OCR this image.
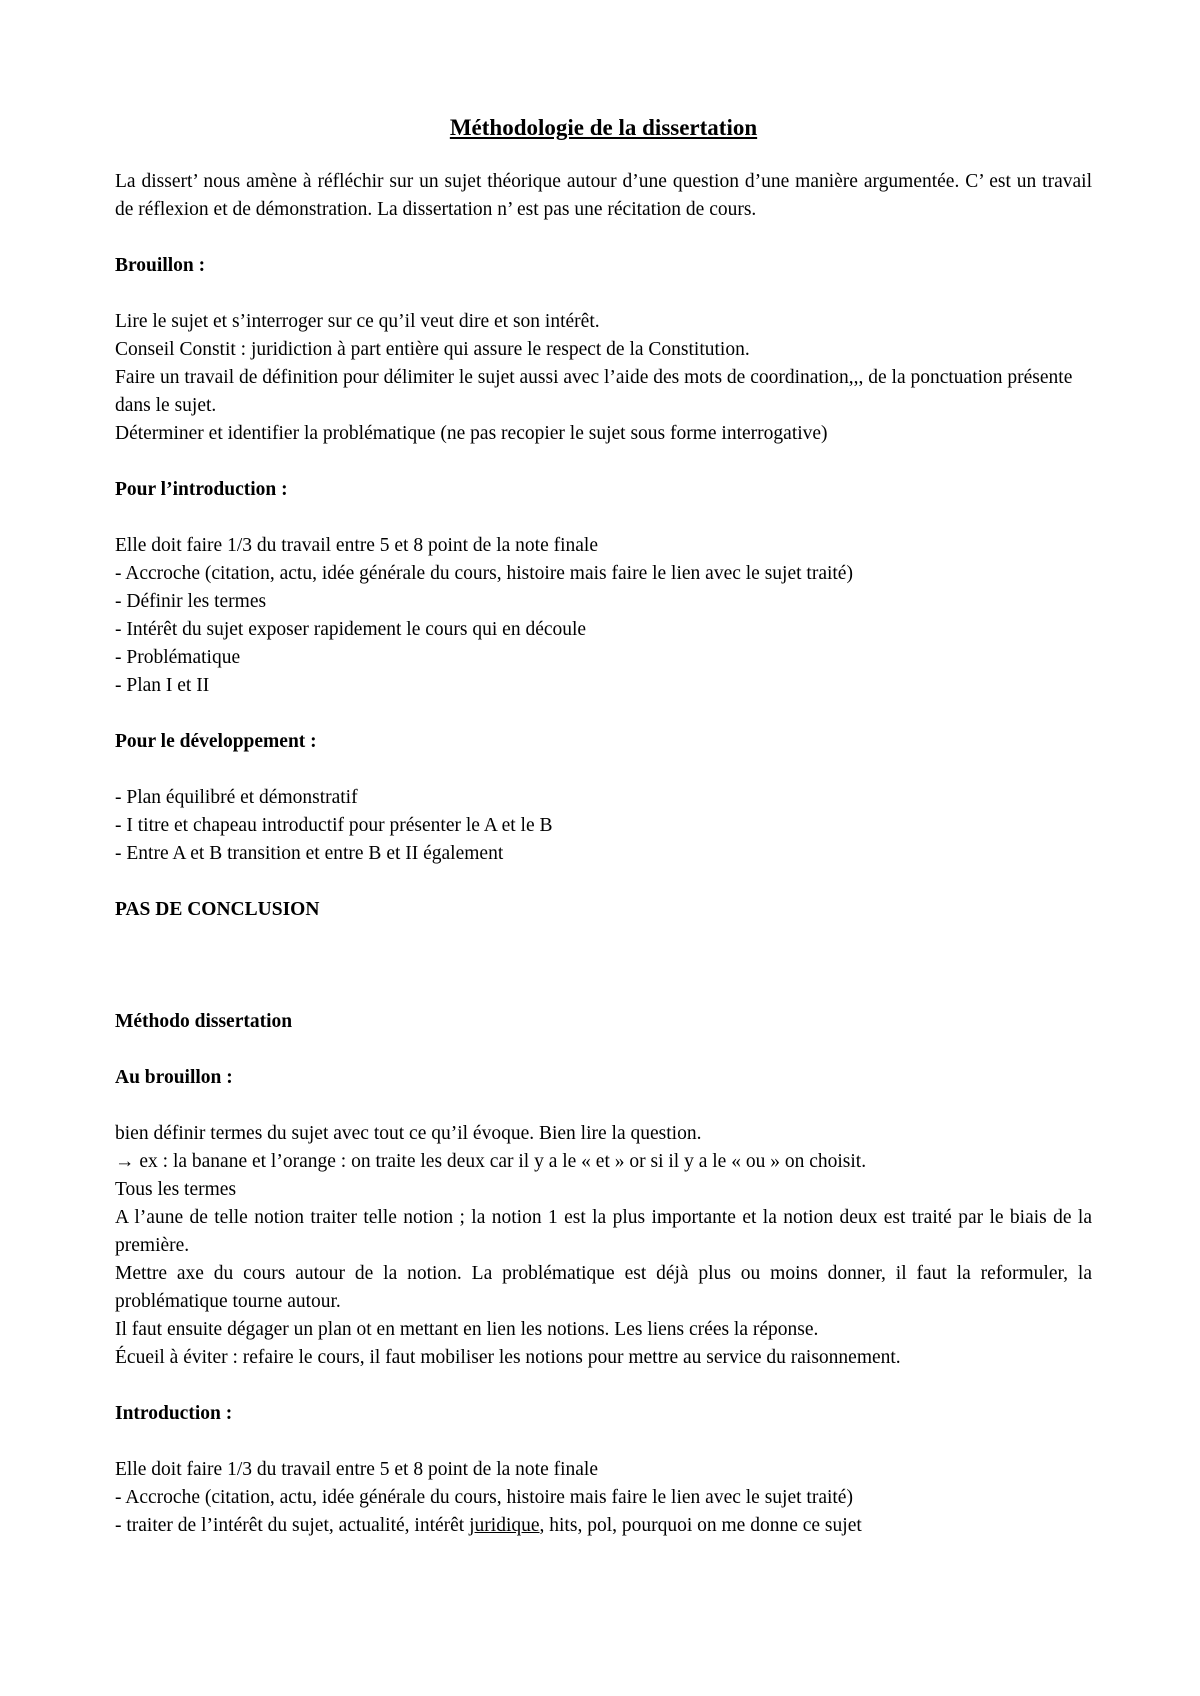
Méthodologie de la dissertation

La dissert’ nous amène à réfléchir sur un sujet théorique autour d’une question d’une manière argumentée. C’ est un travail de réflexion et de démonstration. La dissertation n’ est pas une récitation de cours.

Brouillon :

Lire le sujet et s’interroger sur ce qu’il veut dire et son intérêt.

Conseil Constit : juridiction à part entière qui assure le respect de la Constitution.

Faire un travail de définition pour délimiter le sujet aussi avec l’aide des mots de coordination,,, de la ponctuation présente dans le sujet.

Déterminer et identifier la problématique (ne pas recopier le sujet sous forme interrogative)

Pour l’introduction :

Elle doit faire 1/3 du travail entre 5 et 8 point de la note finale

- Accroche (citation, actu, idée générale du cours, histoire mais faire le lien avec le sujet traité)

- Définir les termes

- Intérêt du sujet exposer rapidement le cours qui en découle

- Problématique

- Plan I et II

Pour le développement :

- Plan équilibré et démonstratif

- I titre et chapeau introductif pour présenter le A et le B

- Entre A et B transition et entre B et II également

PAS DE CONCLUSION

Méthodo dissertation

Au brouillon :

bien définir termes du sujet avec tout ce qu’il évoque. Bien lire la question.

→ ex : la banane et l’orange : on traite les deux car il y a le « et » or si il y a le « ou » on choisit.

Tous les termes

A l’aune de telle notion traiter telle notion ; la notion 1 est la plus importante et la notion deux est traité par le biais de la première.

Mettre axe du cours autour de la notion. La problématique est déjà plus ou moins donner, il faut la reformuler, la problématique tourne autour.

Il faut ensuite dégager un plan ot en mettant en lien les notions. Les liens crées la réponse.

Écueil à éviter : refaire le cours, il faut mobiliser les notions pour mettre au service du raisonnement.

Introduction :

Elle doit faire 1/3 du travail entre 5 et 8 point de la note finale

- Accroche (citation, actu, idée générale du cours, histoire mais faire le lien avec le sujet traité)

- traiter de l’intérêt du sujet, actualité, intérêt juridique, hits, pol, pourquoi on me donne ce sujet
